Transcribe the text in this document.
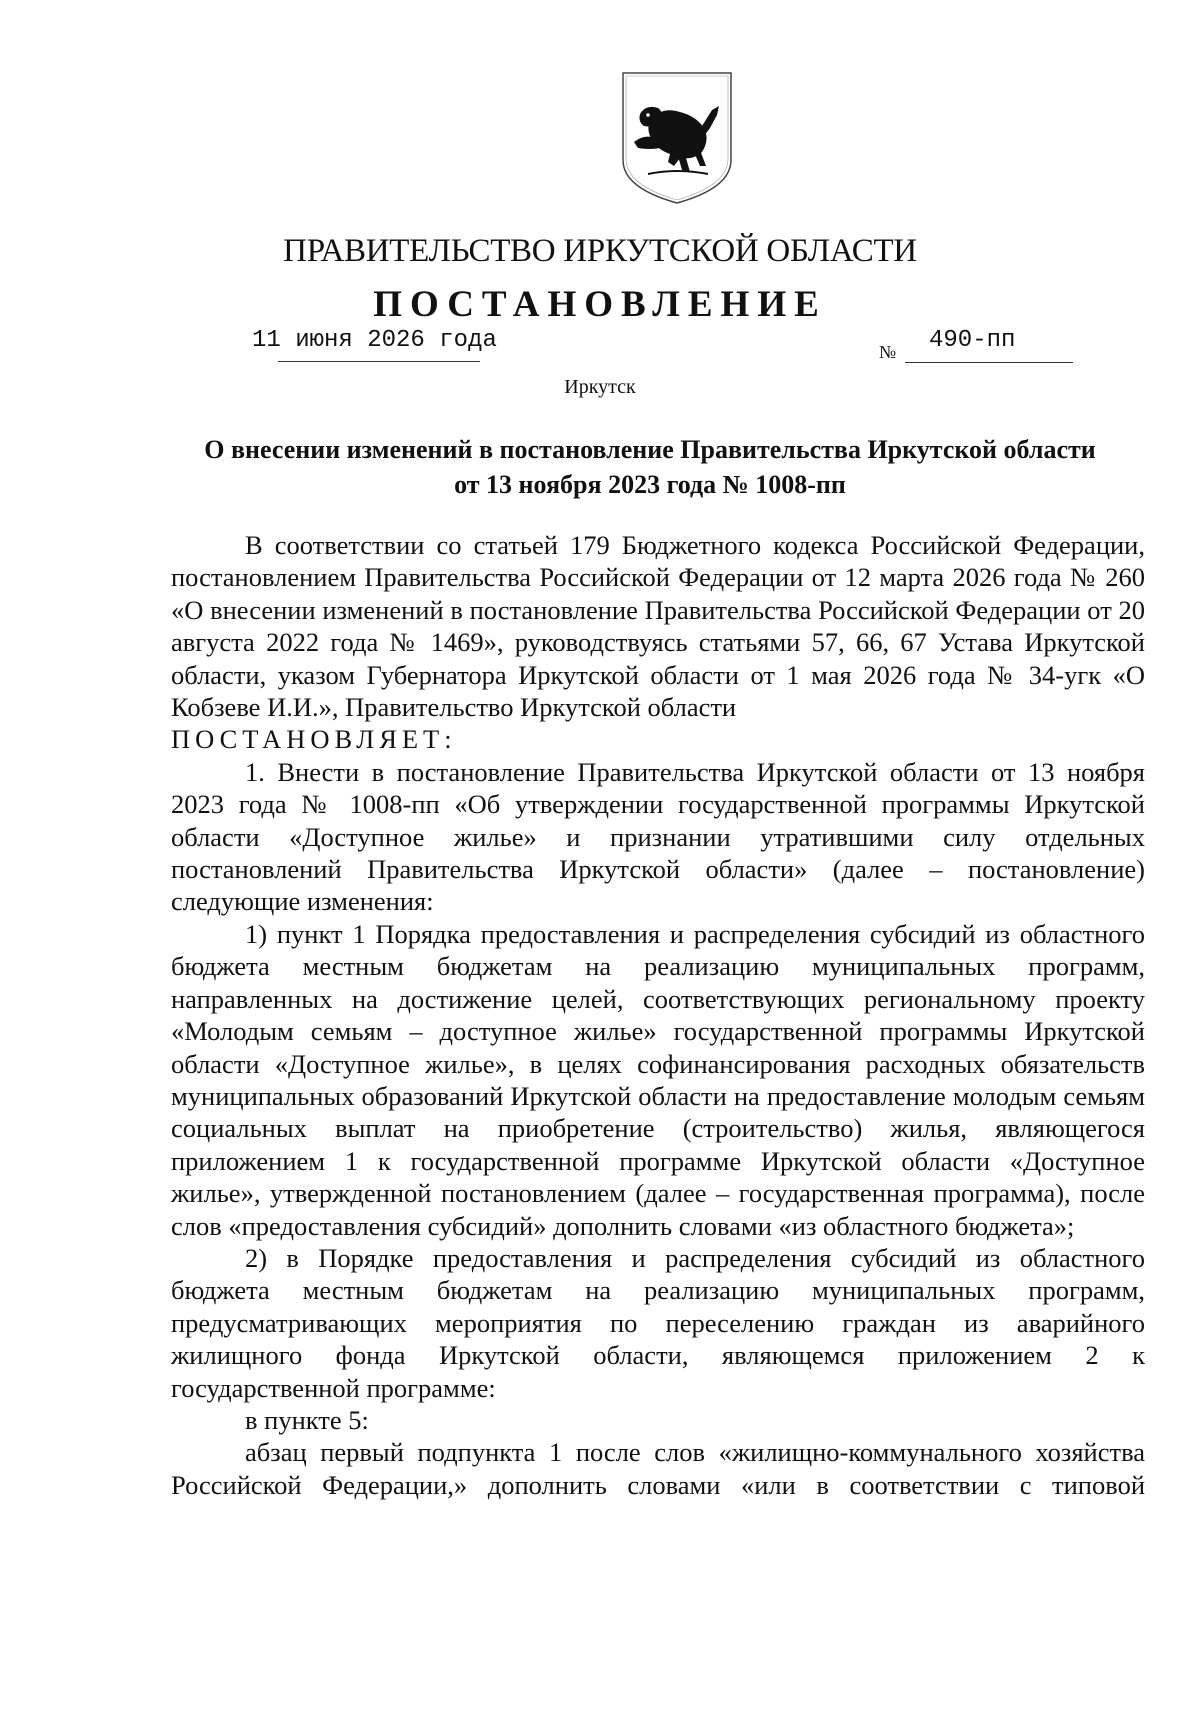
ПРАВИТЕЛЬСТВО ИРКУТСКОЙ ОБЛАСТИ
ПОСТАНОВЛЕНИЕ
11 июня 2026 года	№ 490-пп
Иркутск
О внесении изменений в постановление Правительства Иркутской области
от 13 ноября 2023 года № 1008-пп

В соответствии со статьей 179 Бюджетного кодекса Российской Федерации, постановлением Правительства Российской Федерации от 12 марта 2026 года № 260 «О внесении изменений в постановление Правительства Российской Федерации от 20 августа 2022 года № 1469», руководствуясь статьями 57, 66, 67 Устава Иркутской области, указом Губернатора Иркутской области от 1 мая 2026 года № 34-угк «О Кобзеве И.И.», Правительство Иркутской области

ПОСТАНОВЛЯЕТ:

1. Внести в постановление Правительства Иркутской области от 13 ноября 2023 года № 1008-пп «Об утверждении государственной программы Иркутской области «Доступное жилье» и признании утратившими силу отдельных постановлений Правительства Иркутской области» (далее – постановление) следующие изменения:

1) пункт 1 Порядка предоставления и распределения субсидий из областного бюджета местным бюджетам на реализацию муниципальных программ, направленных на достижение целей, соответствующих региональному проекту «Молодым семьям – доступное жилье» государственной программы Иркутской области «Доступное жилье», в целях софинансирования расходных обязательств муниципальных образований Иркутской области на предоставление молодым семьям социальных выплат на приобретение (строительство) жилья, являющегося приложением 1 к государственной программе Иркутской области «Доступное жилье», утвержденной постановлением (далее – государственная программа), после слов «предоставления субсидий» дополнить словами «из областного бюджета»;

2) в Порядке предоставления и распределения субсидий из областного бюджета местным бюджетам на реализацию муниципальных программ, предусматривающих мероприятия по переселению граждан из аварийного жилищного фонда Иркутской области, являющемся приложением 2 к государственной программе:

в пункте 5:

абзац первый подпункта 1 после слов «жилищно-коммунального хозяйства Российской Федерации,» дополнить словами «или в соответствии с типовой
